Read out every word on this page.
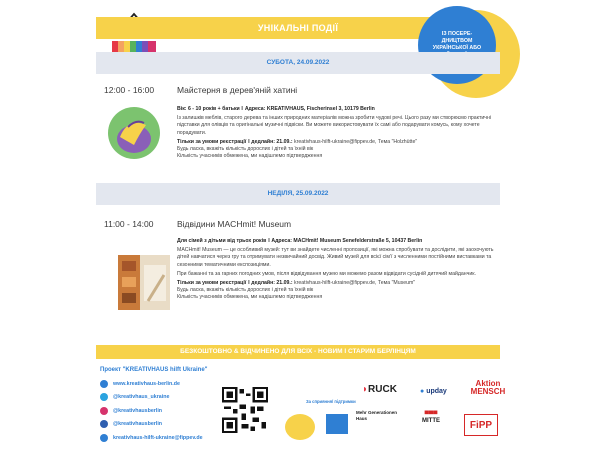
УНІКАЛЬНІ ПОДІЇ
ІЗ ПОСЕРЕ-ДНИЦТВОМ УКРАЇНСЬКОЇ АБО
СУБОТА, 24.09.2022
12:00 - 16:00	Майстерня в дерев'яній хатині

Вік: 6 - 10 років + батьки ǁ Адреса: KREATIVHAUS, Fischerinsel 3, 10179 Berlin

Із залишків меблів, старого дерева та інших природних матеріалів можна зробити чудові речі. Цього разу ми створюємо практичні підставки для олівців та оригінальні музичні підвіски. Ви можете використовувати їх самі або подарувати комусь, кому хочете порадувати.

Тільки за умови реєстрації ǁ дедлайн: 21.09.: kreativhaus-hilft-ukraine@fippev.de, Тема "Holzhütte"

Будь ласка, вкажіть кількість дорослих і дітей та їхній вік

Кількість учасників обмежена, ми надішлемо підтвердження

НЕДІЛЯ, 25.09.2022
11:00 - 14:00	Відвідини MACHmit! Museum

Для сімей з дітьми від трьох років ǁ Адреса: MACHmit! Museum Senefelderstraße 5, 10437 Berlin

MACHmit! Museum — це особливий музей: тут ви знайдете численні пропозиції, які можна спробувати та дослідити, які заохочують дітей навчатися через гру та отримувати незвичайний досвід. Живий музей для всієї сім'ї з численними постійними виставками та сезонними тематичними експозиціями.

При бажанні та за гарних погодних умов, після відвідування музею ми можемо разом відвідати сусідній дитячий майданчик.

Тільки за умови реєстрації ǁ дедлайн: 21.09.: kreativhaus-hilft-ukraine@fippev.de, Тема "Museum"

Будь ласка, вкажіть кількість дорослих і дітей та їхній вік

Кількість учасників обмежена, ми надішлемо підтвердження

БЕЗКОШТОВНО & ВІДЧИНЕНО ДЛЯ ВСІХ - НОВИМ І СТАРИМ БЕРЛІНЦЯМ
Проект "KREATIVHAUS hilft Ukraine"
www.kreativhaus-berlin.de
@kreativhaus_ukraine
@kreativhausberlin
@kreativhausberlin
kreativhaus-hilft-ukraine@fippev.de
За сприяння/ підтримки
◗RUCK	● upday
Aktion MENSCH
Mehr Generationen Haus	▀▀▀
MITTE	FiPP
